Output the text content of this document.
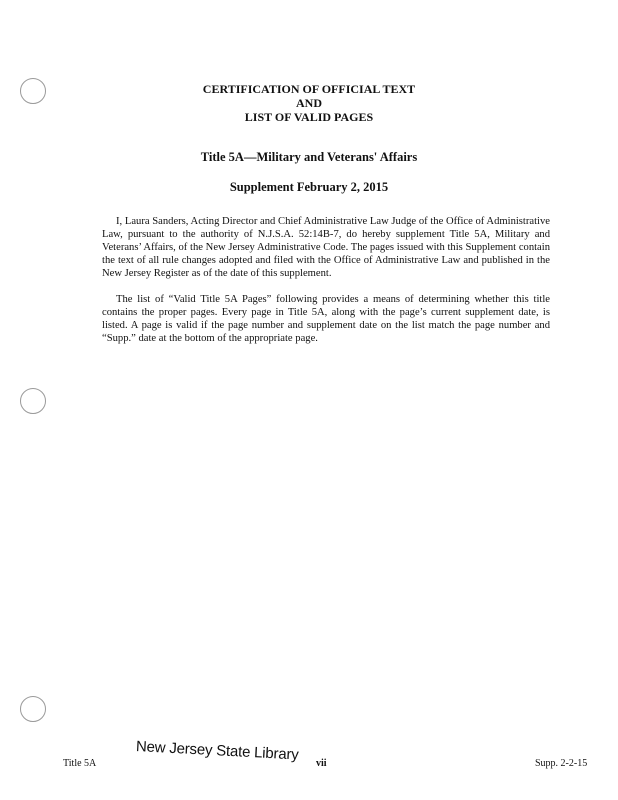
CERTIFICATION OF OFFICIAL TEXT
AND
LIST OF VALID PAGES
Title 5A—Military and Veterans' Affairs
Supplement February 2, 2015

I, Laura Sanders, Acting Director and Chief Administrative Law Judge of the Office of Administrative Law, pursuant to the authority of N.J.S.A. 52:14B-7, do hereby supplement Title 5A, Military and Veterans’ Affairs, of the New Jersey Administrative Code. The pages issued with this Supplement contain the text of all rule changes adopted and filed with the Office of Administrative Law and published in the New Jersey Register as of the date of this supplement.

The list of “Valid Title 5A Pages” following provides a means of determining whether this title contains the proper pages. Every page in Title 5A, along with the page’s current supplement date, is listed. A page is valid if the page number and supplement date on the list match the page number and “Supp.” date at the bottom of the appropriate page.

New Jersey State Library
Title 5A	vii	Supp. 2-2-15
